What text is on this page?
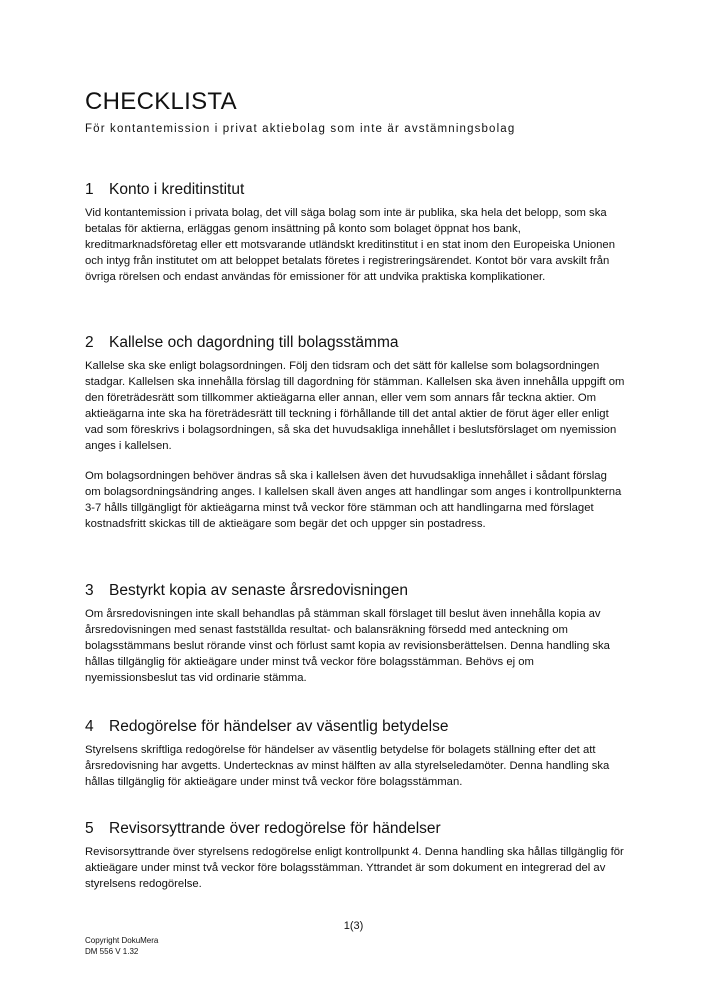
CHECKLISTA
För kontantemission i privat aktiebolag som inte är avstämningsbolag
1 Konto i kreditinstitut

Vid kontantemission i privata bolag, det vill säga bolag som inte är publika, ska hela det belopp, som ska betalas för aktierna, erläggas genom insättning på konto som bolaget öppnat hos bank, kreditmarknadsföretag eller ett motsvarande utländskt kreditinstitut i en stat inom den Europeiska Unionen och intyg från institutet om att beloppet betalats företes i registreringsärendet. Kontot bör vara avskilt från övriga rörelsen och endast användas för emissioner för att undvika praktiska komplikationer.

2 Kallelse och dagordning till bolagsstämma

Kallelse ska ske enligt bolagsordningen. Följ den tidsram och det sätt för kallelse som bolagsordningen stadgar. Kallelsen ska innehålla förslag till dagordning för stämman. Kallelsen ska även innehålla uppgift om den företrädesrätt som tillkommer aktieägarna eller annan, eller vem som annars får teckna aktier. Om aktieägarna inte ska ha företrädesrätt till teckning i förhållande till det antal aktier de förut äger eller enligt vad som föreskrivs i bolagsordningen, så ska det huvudsakliga innehållet i beslutsförslaget om nyemission anges i kallelsen.

Om bolagsordningen behöver ändras så ska i kallelsen även det huvudsakliga innehållet i sådant förslag om bolagsordningsändring anges. I kallelsen skall även anges att handlingar som anges i kontrollpunkterna 3-7 hålls tillgängligt för aktieägarna minst två veckor före stämman och att handlingarna med förslaget kostnadsfritt skickas till de aktieägare som begär det och uppger sin postadress.

3 Bestyrkt kopia av senaste årsredovisningen

Om årsredovisningen inte skall behandlas på stämman skall förslaget till beslut även innehålla kopia av årsredovisningen med senast fastställda resultat- och balansräkning försedd med anteckning om bolagsstämmans beslut rörande vinst och förlust samt kopia av revisionsberättelsen. Denna handling ska hållas tillgänglig för aktieägare under minst två veckor före bolagsstämman. Behövs ej om nyemissionsbeslut tas vid ordinarie stämma.

4 Redogörelse för händelser av väsentlig betydelse

Styrelsens skriftliga redogörelse för händelser av väsentlig betydelse för bolagets ställning efter det att årsredovisning har avgetts. Undertecknas av minst hälften av alla styrelseledamöter. Denna handling ska hållas tillgänglig för aktieägare under minst två veckor före bolagsstämman.

5 Revisorsyttrande över redogörelse för händelser

Revisorsyttrande över styrelsens redogörelse enligt kontrollpunkt 4. Denna handling ska hållas tillgänglig för aktieägare under minst två veckor före bolagsstämman. Yttrandet är som dokument en integrerad del av styrelsens redogörelse.

1(3)
Copyright DokuMera
DM 556 V 1.32
